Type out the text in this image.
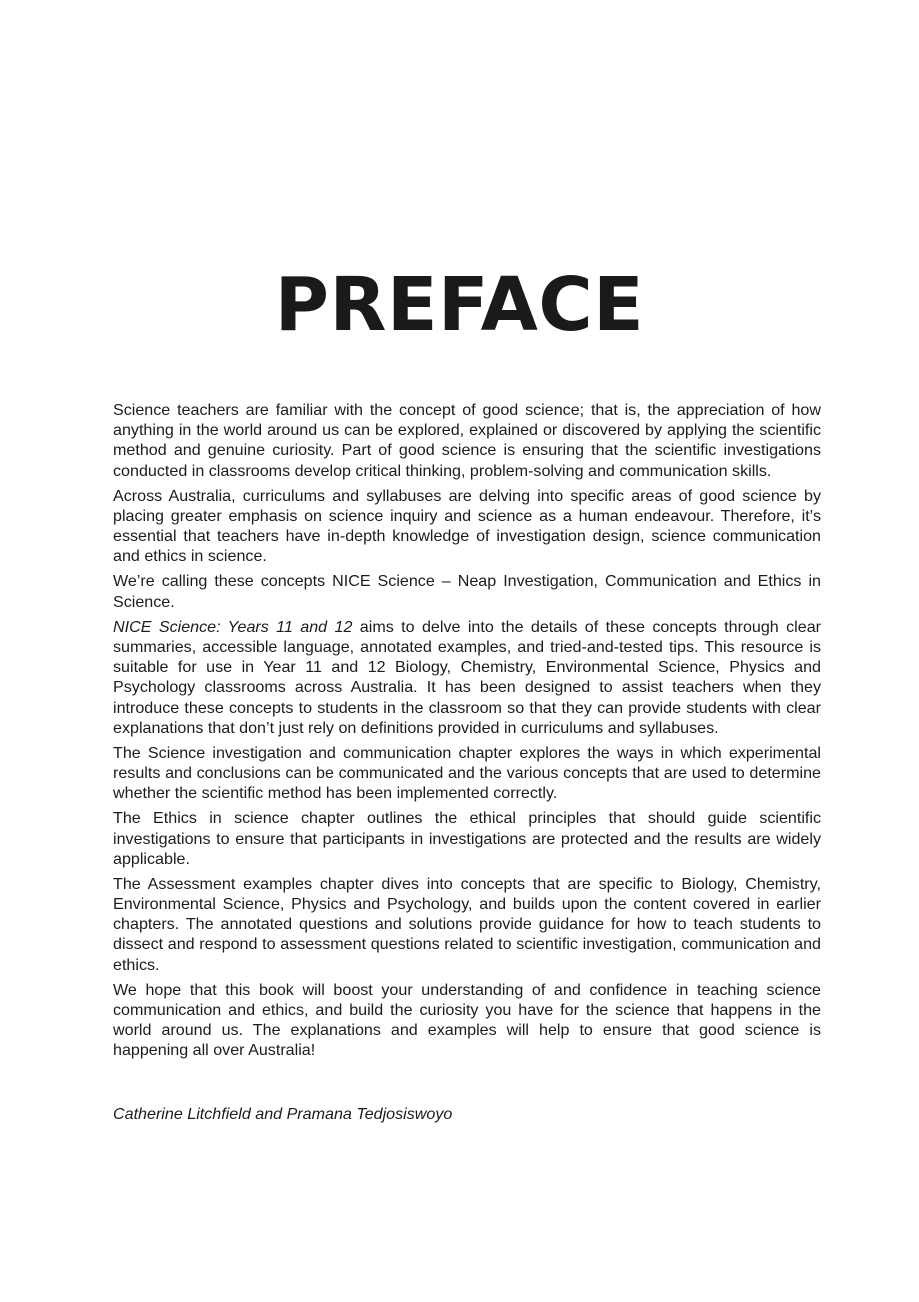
PREFACE

Science teachers are familiar with the concept of good science; that is, the appreciation of how anything in the world around us can be explored, explained or discovered by applying the scientific method and genuine curiosity. Part of good science is ensuring that the scientific investigations conducted in classrooms develop critical thinking, problem-solving and communication skills.

Across Australia, curriculums and syllabuses are delving into specific areas of good science by placing greater emphasis on science inquiry and science as a human endeavour. Therefore, it’s essential that teachers have in-depth knowledge of investigation design, science communication and ethics in science.

We’re calling these concepts NICE Science – Neap Investigation, Communication and Ethics in Science.

NICE Science: Years 11 and 12 aims to delve into the details of these concepts through clear summaries, accessible language, annotated examples, and tried-and-tested tips. This resource is suitable for use in Year 11 and 12 Biology, Chemistry, Environmental Science, Physics and Psychology classrooms across Australia. It has been designed to assist teachers when they introduce these concepts to students in the classroom so that they can provide students with clear explanations that don’t just rely on definitions provided in curriculums and syllabuses.

The Science investigation and communication chapter explores the ways in which experimental results and conclusions can be communicated and the various concepts that are used to determine whether the scientific method has been implemented correctly.

The Ethics in science chapter outlines the ethical principles that should guide scientific investigations to ensure that participants in investigations are protected and the results are widely applicable.

The Assessment examples chapter dives into concepts that are specific to Biology, Chemistry, Environmental Science, Physics and Psychology, and builds upon the content covered in earlier chapters. The annotated questions and solutions provide guidance for how to teach students to dissect and respond to assessment questions related to scientific investigation, communication and ethics.

We hope that this book will boost your understanding of and confidence in teaching science communication and ethics, and build the curiosity you have for the science that happens in the world around us. The explanations and examples will help to ensure that good science is happening all over Australia!

Catherine Litchfield and Pramana Tedjosiswoyo
